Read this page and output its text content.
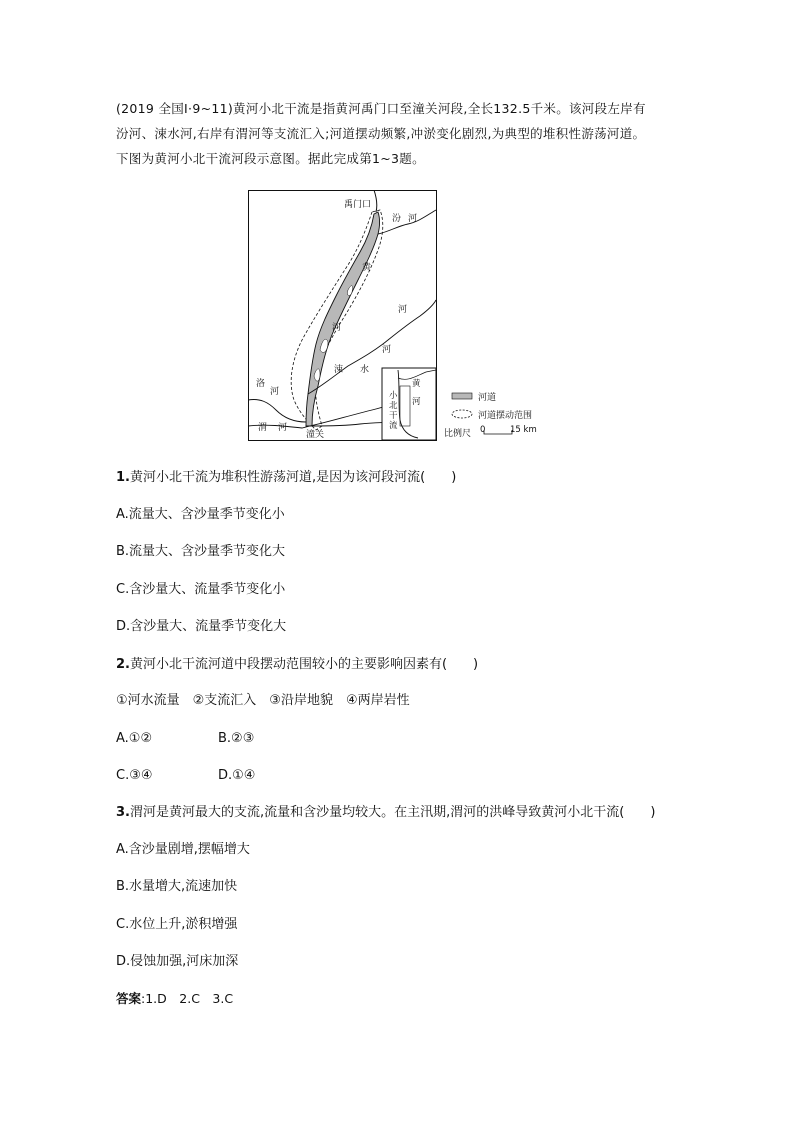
(2019 全国Ⅰ·9~11)黄河小北干流是指黄河禹门口至潼关河段,全长132.5千米。该河段左岸有

汾河、涑水河,右岸有渭河等支流汇入;河道摆动频繁,冲淤变化剧烈,为典型的堆积性游荡河道。

下图为黄河小北干流河段示意图。据此完成第1~3题。

禹门口
汾 河
黄
河
河
涑 水
河
洛
河
渭 河
潼关
黄
河
小
北
干
流
河道
河道摆动范围
比例尺 0	15 km
1.黄河小北干流为堆积性游荡河道,是因为该河段河流(　　)
A.流量大、含沙量季节变化小
B.流量大、含沙量季节变化大
C.含沙量大、流量季节变化小
D.含沙量大、流量季节变化大
2.黄河小北干流河道中段摆动范围较小的主要影响因素有(　　)
①河水流量　②支流汇入　③沿岸地貌　④两岸岩性
A.①②	B.②③
C.③④	D.①④
3.渭河是黄河最大的支流,流量和含沙量均较大。在主汛期,渭河的洪峰导致黄河小北干流(　　)
A.含沙量剧增,摆幅增大
B.水量增大,流速加快
C.水位上升,淤积增强
D.侵蚀加强,河床加深
答案:1.D　2.C　3.C
